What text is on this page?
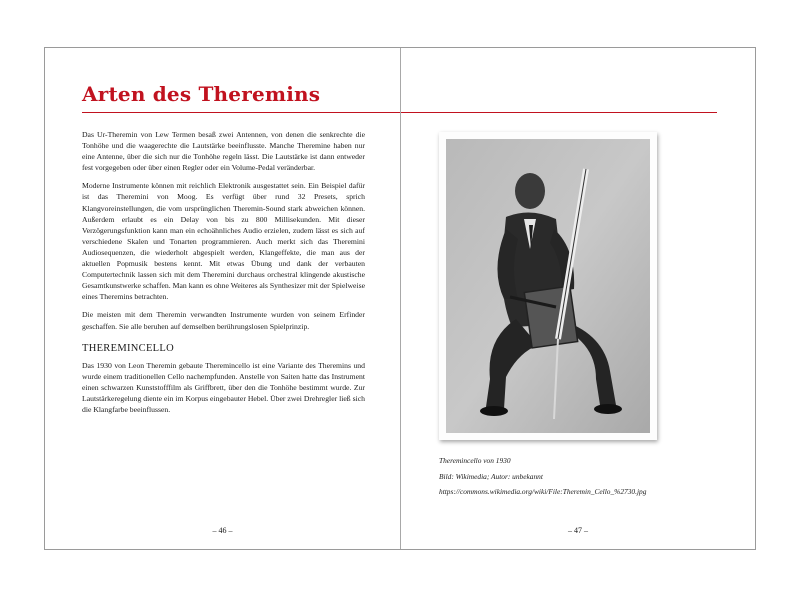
Arten des Theremins

Das Ur-Theremin von Lew Termen besaß zwei Antennen, von denen die senkrechte die Tonhöhe und die waagerechte die Lautstärke beeinflusste. Manche Theremine haben nur eine Antenne, über die sich nur die Tonhöhe regeln lässt. Die Lautstärke ist dann entweder fest vorgegeben oder über einen Regler oder ein Volume-Pedal veränderbar.

Moderne Instrumente können mit reichlich Elektronik ausgestattet sein. Ein Beispiel dafür ist das Theremini von Moog. Es verfügt über rund 32 Presets, sprich Klangvoreinstellungen, die vom ursprünglichen Theremin-Sound stark abweichen können. Außerdem erlaubt es ein Delay von bis zu 800 Millisekunden. Mit dieser Verzögerungsfunktion kann man ein echoähnliches Audio erzielen, zudem lässt es sich auf verschiedene Skalen und Tonarten programmieren. Auch merkt sich das Theremini Audiosequenzen, die wiederholt abgespielt werden, Klangeffekte, die man aus der aktuellen Popmusik bestens kennt. Mit etwas Übung und dank der verbauten Computertechnik lassen sich mit dem Theremini durchaus orchestral klingende akustische Gesamtkunstwerke schaffen. Man kann es ohne Weiteres als Synthesizer mit der Spielweise eines Theremins betrachten.

Die meisten mit dem Theremin verwandten Instrumente wurden von seinem Erfinder geschaffen. Sie alle beruhen auf demselben berührungslosen Spielprinzip.

THEREMINCELLO

Das 1930 von Leon Theremin gebaute Theremincello ist eine Variante des Theremins und wurde einem traditionellen Cello nachempfunden. Anstelle von Saiten hatte das Instrument einen schwarzen Kunststofffilm als Griffbrett, über den die Tonhöhe bestimmt wurde. Zur Lautstärkeregelung diente ein im Korpus eingebauter Hebel. Über zwei Drehregler ließ sich die Klangfarbe beeinflussen.

– 46 –
Theremincello von 1930
Bild: Wikimedia; Autor: unbekannt
https://commons.wikimedia.org/wiki/File:Theremin_Cello_%2730.jpg
– 47 –
